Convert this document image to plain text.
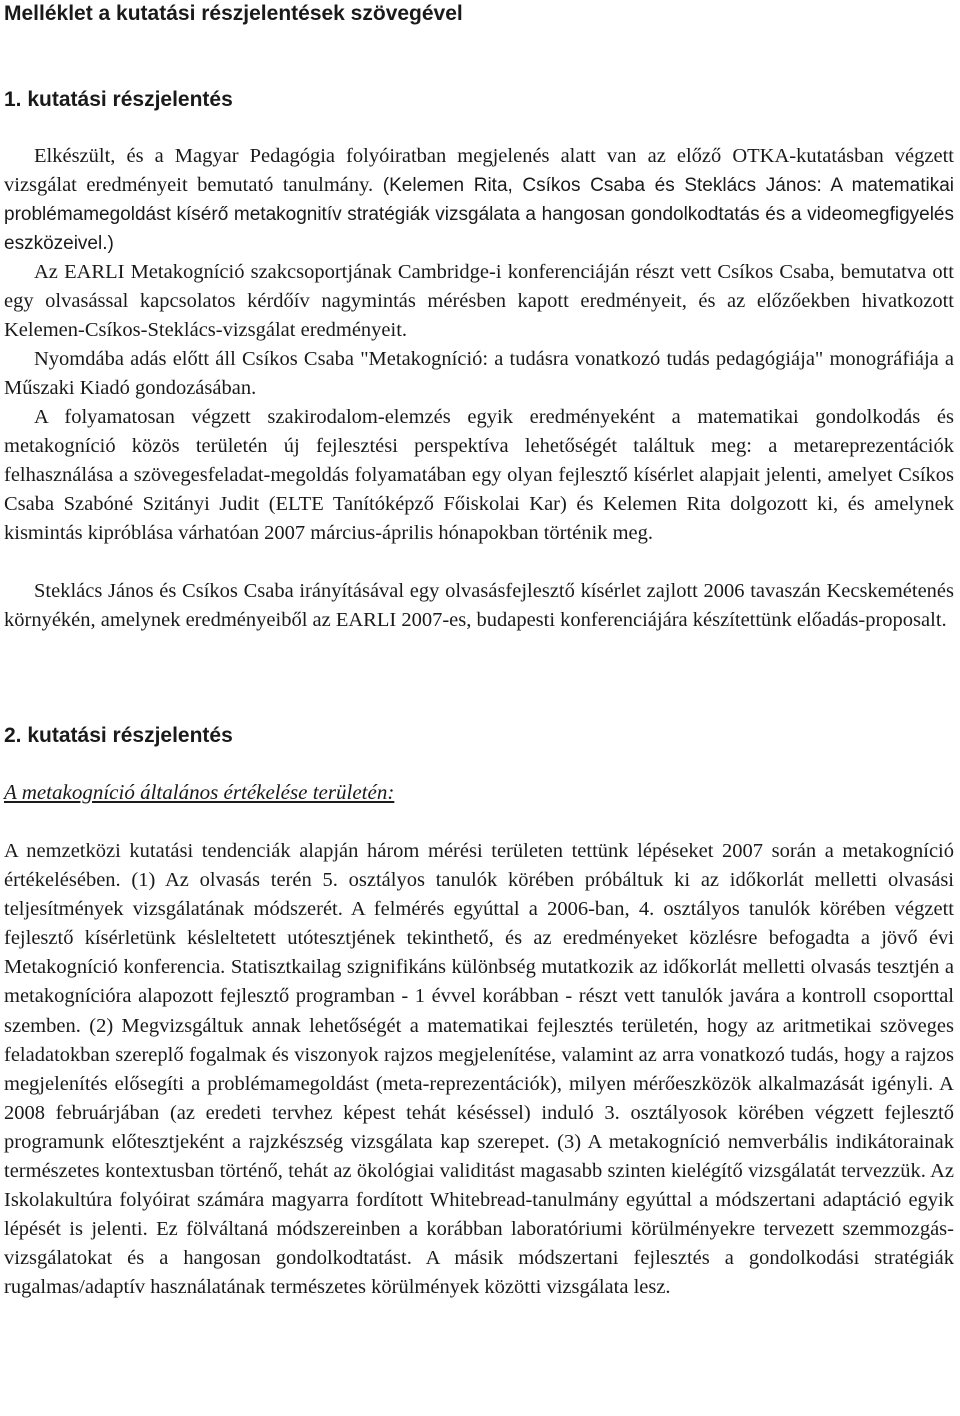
Melléklet a kutatási részjelentések szövegével
1. kutatási részjelentés

Elkészült, és a Magyar Pedagógia folyóiratban megjelenés alatt van az előző OTKA-kutatásban végzett vizsgálat eredményeit bemutató tanulmány. (Kelemen Rita, Csíkos Csaba és Steklács János: A matematikai problémamegoldást kísérő metakognitív stratégiák vizsgálata a hangosan gondolkodtatás és a videomegfigyelés eszközeivel.)

Az EARLI Metakogníció szakcsoportjának Cambridge-i konferenciáján részt vett Csíkos Csaba, bemutatva ott egy olvasással kapcsolatos kérdőív nagymintás mérésben kapott eredményeit, és az előzőekben hivatkozott Kelemen-Csíkos-Steklács-vizsgálat eredményeit.

Nyomdába adás előtt áll Csíkos Csaba "Metakogníció: a tudásra vonatkozó tudás pedagógiája" monográfiája a Műszaki Kiadó gondozásában.

A folyamatosan végzett szakirodalom-elemzés egyik eredményeként a matematikai gondolkodás és metakogníció közös területén új fejlesztési perspektíva lehetőségét találtuk meg: a metareprezentációk felhasználása a szövegesfeladat-megoldás folyamatában egy olyan fejlesztő kísérlet alapjait jelenti, amelyet Csíkos Csaba Szabóné Szitányi Judit (ELTE Tanítóképző Főiskolai Kar) és Kelemen Rita dolgozott ki, és amelynek kismintás kipróblása várhatóan 2007 március-április hónapokban történik meg.

Steklács János és Csíkos Csaba irányításával egy olvasásfejlesztő kísérlet zajlott 2006 tavaszán Kecskemétenés környékén, amelynek eredményeiből az EARLI 2007-es, budapesti konferenciájára készítettünk előadás-proposalt.

2. kutatási részjelentés

A metakogníció általános értékelése területén:

A nemzetközi kutatási tendenciák alapján három mérési területen tettünk lépéseket 2007 során a metakogníció értékelésében. (1) Az olvasás terén 5. osztályos tanulók körében próbáltuk ki az időkorlát melletti olvasási teljesítmények vizsgálatának módszerét. A felmérés egyúttal a 2006-ban, 4. osztályos tanulók körében végzett fejlesztő kísérletünk késleltetett utótesztjének tekinthető, és az eredményeket közlésre befogadta a jövő évi Metakogníció konferencia. Statisztkailag szignifikáns különbség mutatkozik az időkorlát melletti olvasás tesztjén a metakognícióra alapozott fejlesztő programban - 1 évvel korábban - részt vett tanulók javára a kontroll csoporttal szemben. (2) Megvizsgáltuk annak lehetőségét a matematikai fejlesztés területén, hogy az aritmetikai szöveges feladatokban szereplő fogalmak és viszonyok rajzos megjelenítése, valamint az arra vonatkozó tudás, hogy a rajzos megjelenítés elősegíti a problémamegoldást (meta-reprezentációk), milyen mérőeszközök alkalmazását igényli. A 2008 februárjában (az eredeti tervhez képest tehát késéssel) induló 3. osztályosok körében végzett fejlesztő programunk előtesztjeként a rajzkészség vizsgálata kap szerepet. (3) A metakogníció nemverbális indikátorainak természetes kontextusban történő, tehát az ökológiai validitást magasabb szinten kielégítő vizsgálatát tervezzük. Az Iskolakultúra folyóirat számára magyarra fordított Whitebread-tanulmány egyúttal a módszertani adaptáció egyik lépését is jelenti. Ez fölváltaná módszereinben a korábban laboratóriumi körülményekre tervezett szemmozgás- vizsgálatokat és a hangosan gondolkodtatást. A másik módszertani fejlesztés a gondolkodási stratégiák rugalmas/adaptív használatának természetes körülmények közötti vizsgálata lesz.
